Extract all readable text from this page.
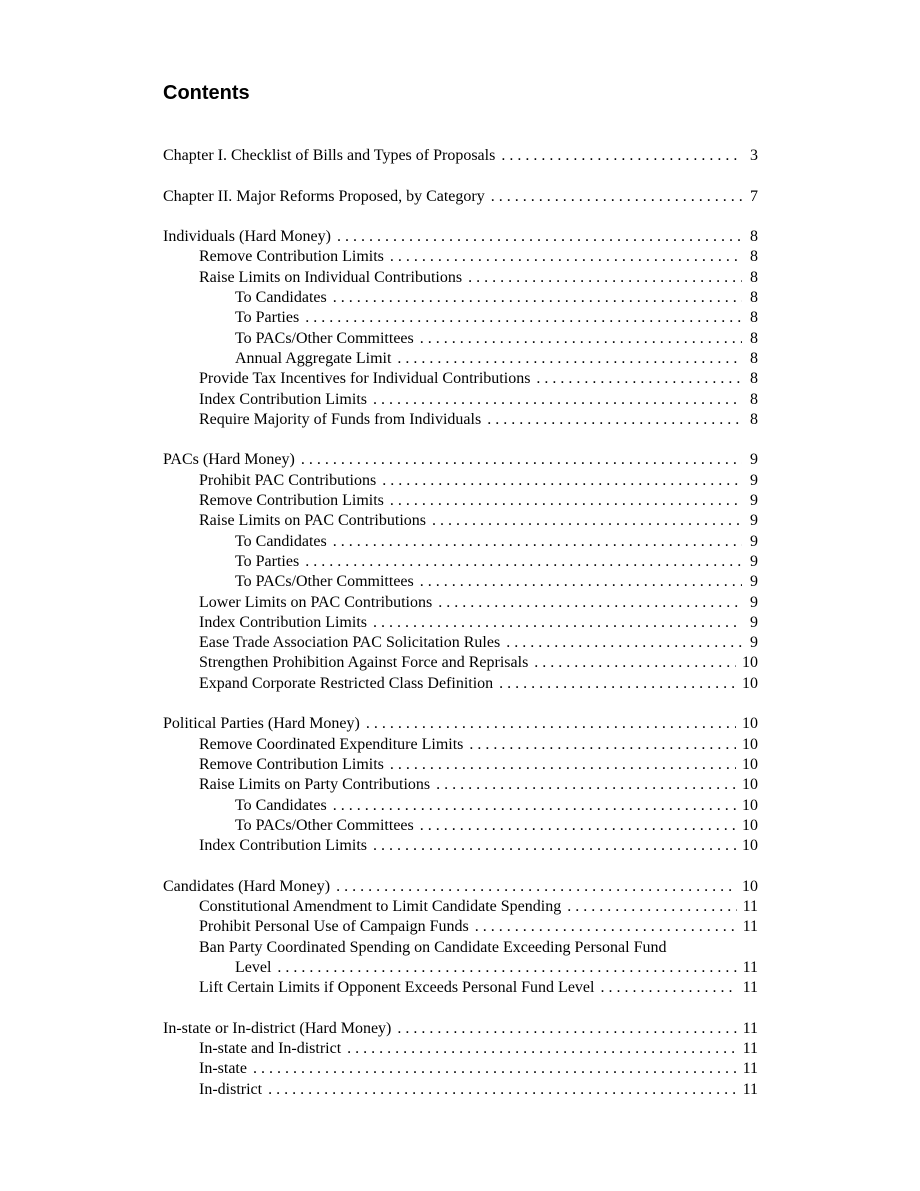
Contents
Chapter I. Checklist of Bills and Types of Proposals . . .	3
Chapter II. Major Reforms Proposed, by Category . . .	7
Individuals (Hard Money) . . .	8
Remove Contribution Limits . . .	8
Raise Limits on Individual Contributions . . .	8
To Candidates . . .	8
To Parties . . .	8
To PACs/Other Committees . . .	8
Annual Aggregate Limit . . .	8
Provide Tax Incentives for Individual Contributions . . .	8
Index Contribution Limits . . .	8
Require Majority of Funds from Individuals . . .	8
PACs (Hard Money) . . .	9
Prohibit PAC Contributions . . .	9
Remove Contribution Limits . . .	9
Raise Limits on PAC Contributions . . .	9
To Candidates . . .	9
To Parties . . .	9
To PACs/Other Committees . . .	9
Lower Limits on PAC Contributions . . .	9
Index Contribution Limits . . .	9
Ease Trade Association PAC Solicitation Rules . . .	9
Strengthen Prohibition Against Force and Reprisals . . .	10
Expand Corporate Restricted Class Definition . . .	10
Political Parties (Hard Money) . . .	10
Remove Coordinated Expenditure Limits . . .	10
Remove Contribution Limits . . .	10
Raise Limits on Party Contributions . . .	10
To Candidates . . .	10
To PACs/Other Committees . . .	10
Index Contribution Limits . . .	10
Candidates (Hard Money) . . .	10
Constitutional Amendment to Limit Candidate Spending . . .	11
Prohibit Personal Use of Campaign Funds . . .	11
Ban Party Coordinated Spending on Candidate Exceeding Personal Fund
Level . . .	11
Lift Certain Limits if Opponent Exceeds Personal Fund Level . . .	11
In-state or In-district (Hard Money) . . .	11
In-state and In-district . . .	11
In-state . . .	11
In-district . . .	11
